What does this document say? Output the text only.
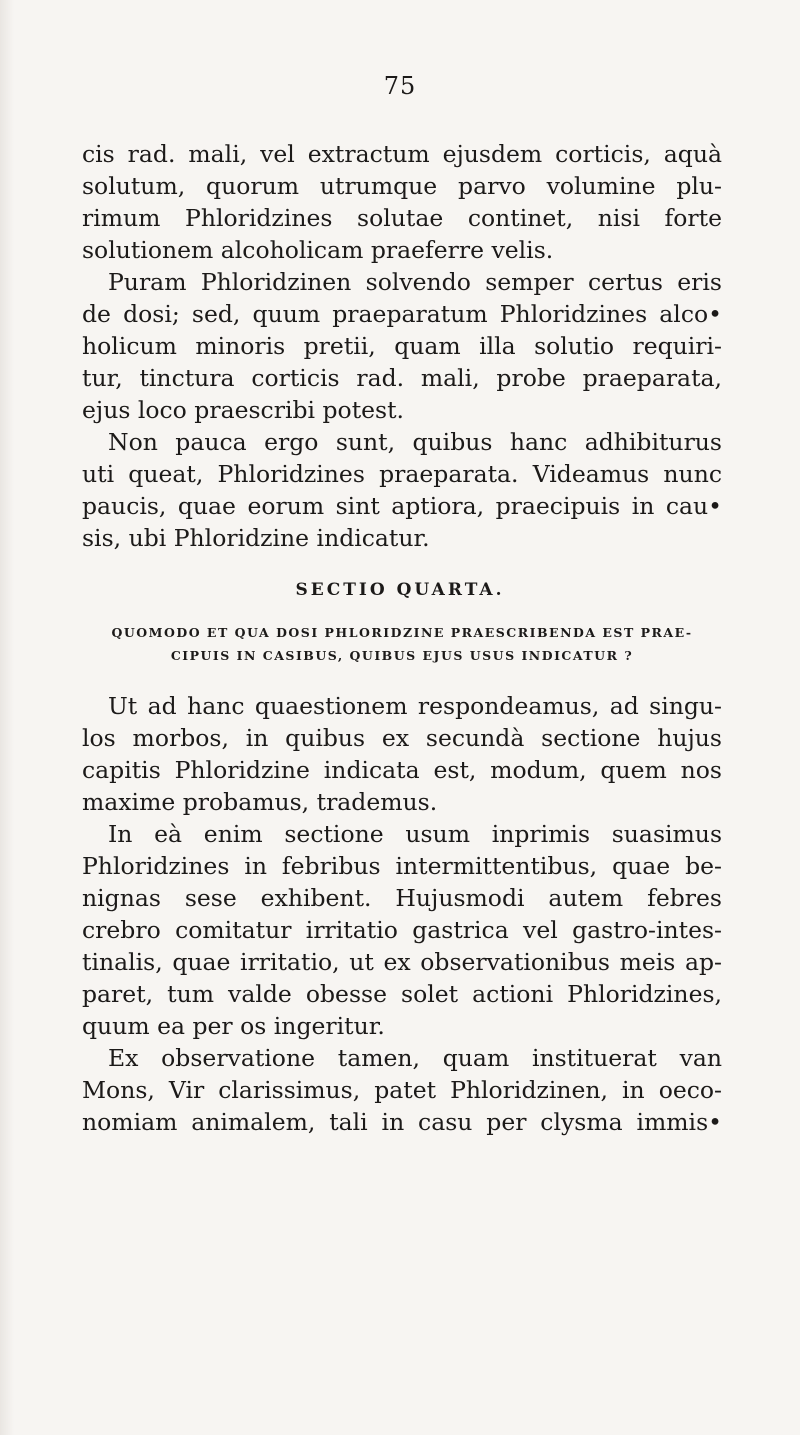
75
cis rad. mali, vel extractum ejusdem corticis, aquà
solutum, quorum utrumque parvo volumine plu-
rimum Phloridzines solutae continet, nisi forte
solutionem alcoholicam praeferre velis.
Puram Phloridzinen solvendo semper certus eris
de dosi; sed, quum praeparatum Phloridzines alco•
holicum minoris pretii, quam illa solutio requiri-
tur, tinctura corticis rad. mali, probe praeparata,
ejus loco praescribi potest.
Non pauca ergo sunt, quibus hanc adhibiturus
uti queat, Phloridzines praeparata. Videamus nunc
paucis, quae eorum sint aptiora, praecipuis in cau•
sis, ubi Phloridzine indicatur.
SECTIO QUARTA.
QUOMODO ET QUA DOSI PHLORIDZINE PRAESCRIBENDA EST PRAE-
CIPUIS IN CASIBUS, QUIBUS EJUS USUS INDICATUR ?
Ut ad hanc quaestionem respondeamus, ad singu-
los morbos, in quibus ex secundà sectione hujus
capitis Phloridzine indicata est, modum, quem nos
maxime probamus, trademus.
In eà enim sectione usum inprimis suasimus
Phloridzines in febribus intermittentibus, quae be-
nignas sese exhibent. Hujusmodi autem febres
crebro comitatur irritatio gastrica vel gastro-intes-
tinalis, quae irritatio, ut ex observationibus meis ap-
paret, tum valde obesse solet actioni Phloridzines,
quum ea per os ingeritur.
Ex observatione tamen, quam instituerat van
Mons, Vir clarissimus, patet Phloridzinen, in oeco-
nomiam animalem, tali in casu per clysma immis•
